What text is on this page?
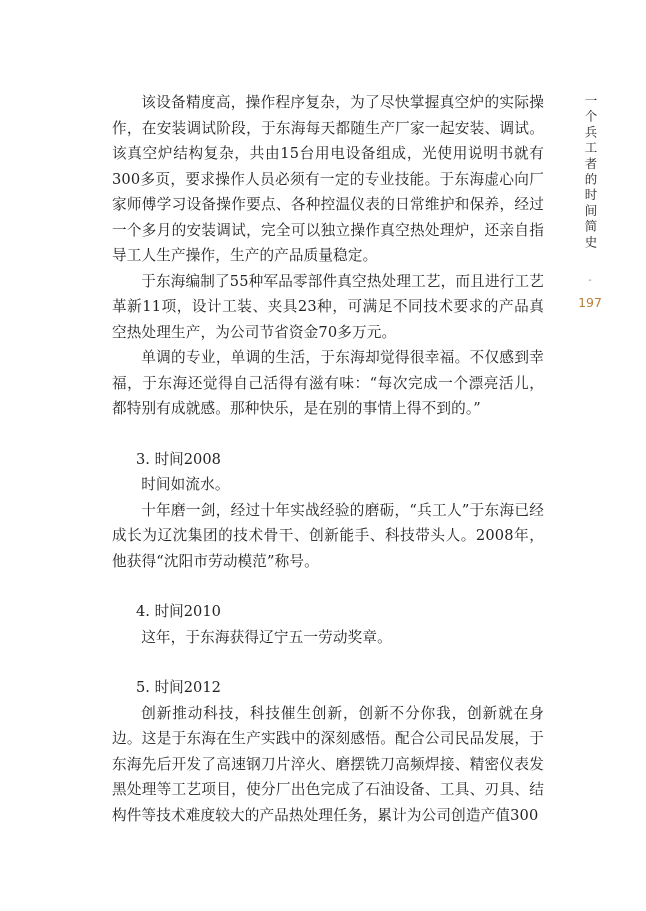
该设备精度高，操作程序复杂，为了尽快掌握真空炉的实际操作，在安装调试阶段，于东海每天都随生产厂家一起安装、调试。该真空炉结构复杂，共由15台用电设备组成，光使用说明书就有300多页，要求操作人员必须有一定的专业技能。于东海虚心向厂家师傅学习设备操作要点、各种控温仪表的日常维护和保养，经过一个多月的安装调试，完全可以独立操作真空热处理炉，还亲自指导工人生产操作，生产的产品质量稳定。

于东海编制了55种军品零部件真空热处理工艺，而且进行工艺革新11项，设计工装、夹具23种，可满足不同技术要求的产品真空热处理生产，为公司节省资金70多万元。

单调的专业，单调的生活，于东海却觉得很幸福。不仅感到幸福，于东海还觉得自己活得有滋有味：“每次完成一个漂亮活儿，都特别有成就感。那种快乐，是在别的事情上得不到的。”

3. 时间2008

时间如流水。

十年磨一剑，经过十年实战经验的磨砺，“兵工人”于东海已经成长为辽沈集团的技术骨干、创新能手、科技带头人。2008年，他获得“沈阳市劳动模范”称号。

4. 时间2010

这年，于东海获得辽宁五一劳动奖章。

5. 时间2012

创新推动科技，科技催生创新，创新不分你我，创新就在身边。这是于东海在生产实践中的深刻感悟。配合公司民品发展，于东海先后开发了高速钢刀片淬火、磨摆铣刀高频焊接、精密仪表发黑处理等工艺项目，使分厂出色完成了石油设备、工具、刃具、结构件等技术难度较大的产品热处理任务，累计为公司创造产值300

一个兵工者的时间简史
-
197
